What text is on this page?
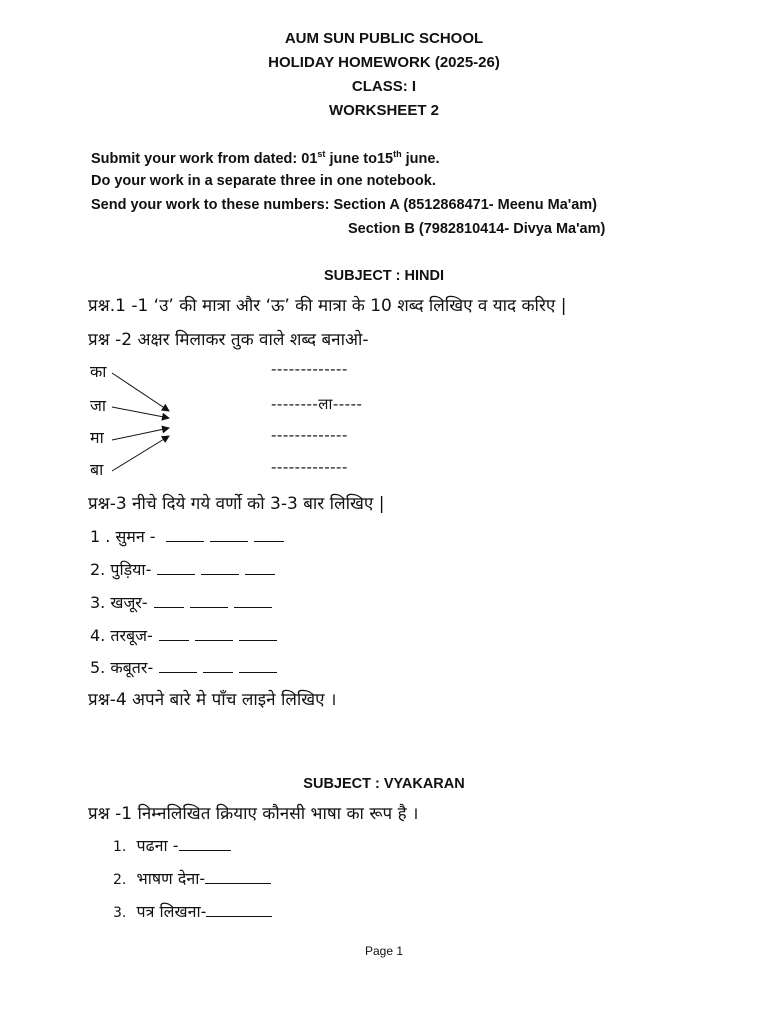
AUM SUN PUBLIC SCHOOL
HOLIDAY HOMEWORK (2025-26)
CLASS: I
WORKSHEET 2
Submit your work from dated: 01st june to15th june.
Do your work in a separate three in one notebook.
Send your work to these numbers: Section A (8512868471- Meenu Ma'am)
Section B (7982810414- Divya Ma'am)
SUBJECT : HINDI
प्रश्न.1 -1 ‘उ’ की मात्रा और ‘ऊ’ की मात्रा के 10 शब्द लिखिए व याद करिए |
प्रश्न -2 अक्षर मिलाकर तुक वाले शब्द बनाओ-
का
जा
मा
बा
-------------
--------ला-----
-------------
-------------
प्रश्न-3 नीचे दिये गये वर्णो को 3-3 बार लिखिए |
1 . सुमन -
2. पुड़िया-
3. खजूर-
4. तरबूज-
5. कबूतर-
प्रश्न-4 अपने बारे मे पाँच लाइने लिखिए ।
SUBJECT : VYAKARAN
प्रश्न -1 निम्नलिखित क्रियाए कौनसी भाषा का रूप है ।
1. पढना -
2. भाषण देना-
3. पत्र लिखना-
Page 1
